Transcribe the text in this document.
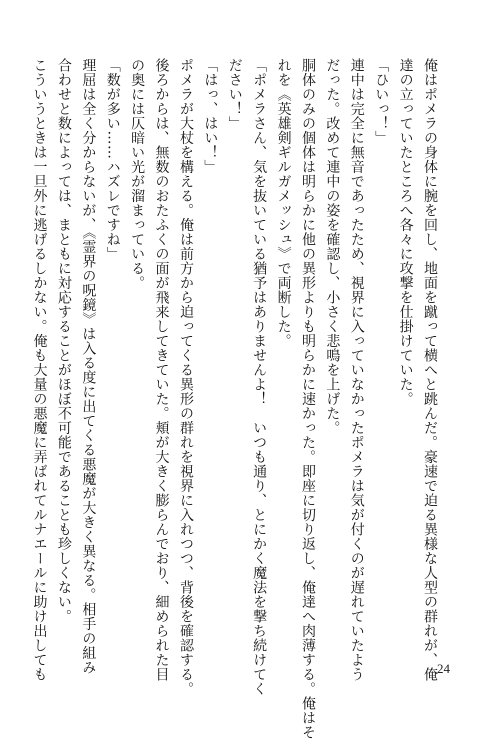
俺はポメラの身体に腕を回し、地面を蹴って横へと跳んだ。豪速で迫る異様な人型の群れが、俺
達の立っていたところへ各々に攻撃を仕掛けていた。
「ひいっ！」
連中は完全に無音であったため、視界に入っていなかったポメラは気が付くのが遅れていたよう
だった。改めて連中の姿を確認し、小さく悲鳴を上げた。
胴体のみの個体は明らかに他の異形よりも明らかに速かった。即座に切り返し、俺達へ肉薄する。俺はそ
れを《英雄剣ギルガメッシュ》で両断した。
「ポメラさん、気を抜いている猶予はありませんよ！　いつも通り、とにかく魔法を撃ち続けてく
ださい！」
「はっ、はい！」
ポメラが大杖を構える。俺は前方から迫ってくる異形の群れを視界に入れつつ、背後を確認する。
後ろからは、無数のおたふくの面が飛来してきていた。頬が大きく膨らんでおり、細められた目
の奥には仄暗い光が溜まっている。
「数が多い……ハズレですね」
理屈は全く分からないが、《霊界の呪鏡》は入る度に出てくる悪魔が大きく異なる。相手の組み
合わせと数によっては、まともに対応することがほぼ不可能であることも珍しくない。
こういうときは一旦外に逃げるしかない。俺も大量の悪魔に弄ばれてルナエールに助け出しても	24
